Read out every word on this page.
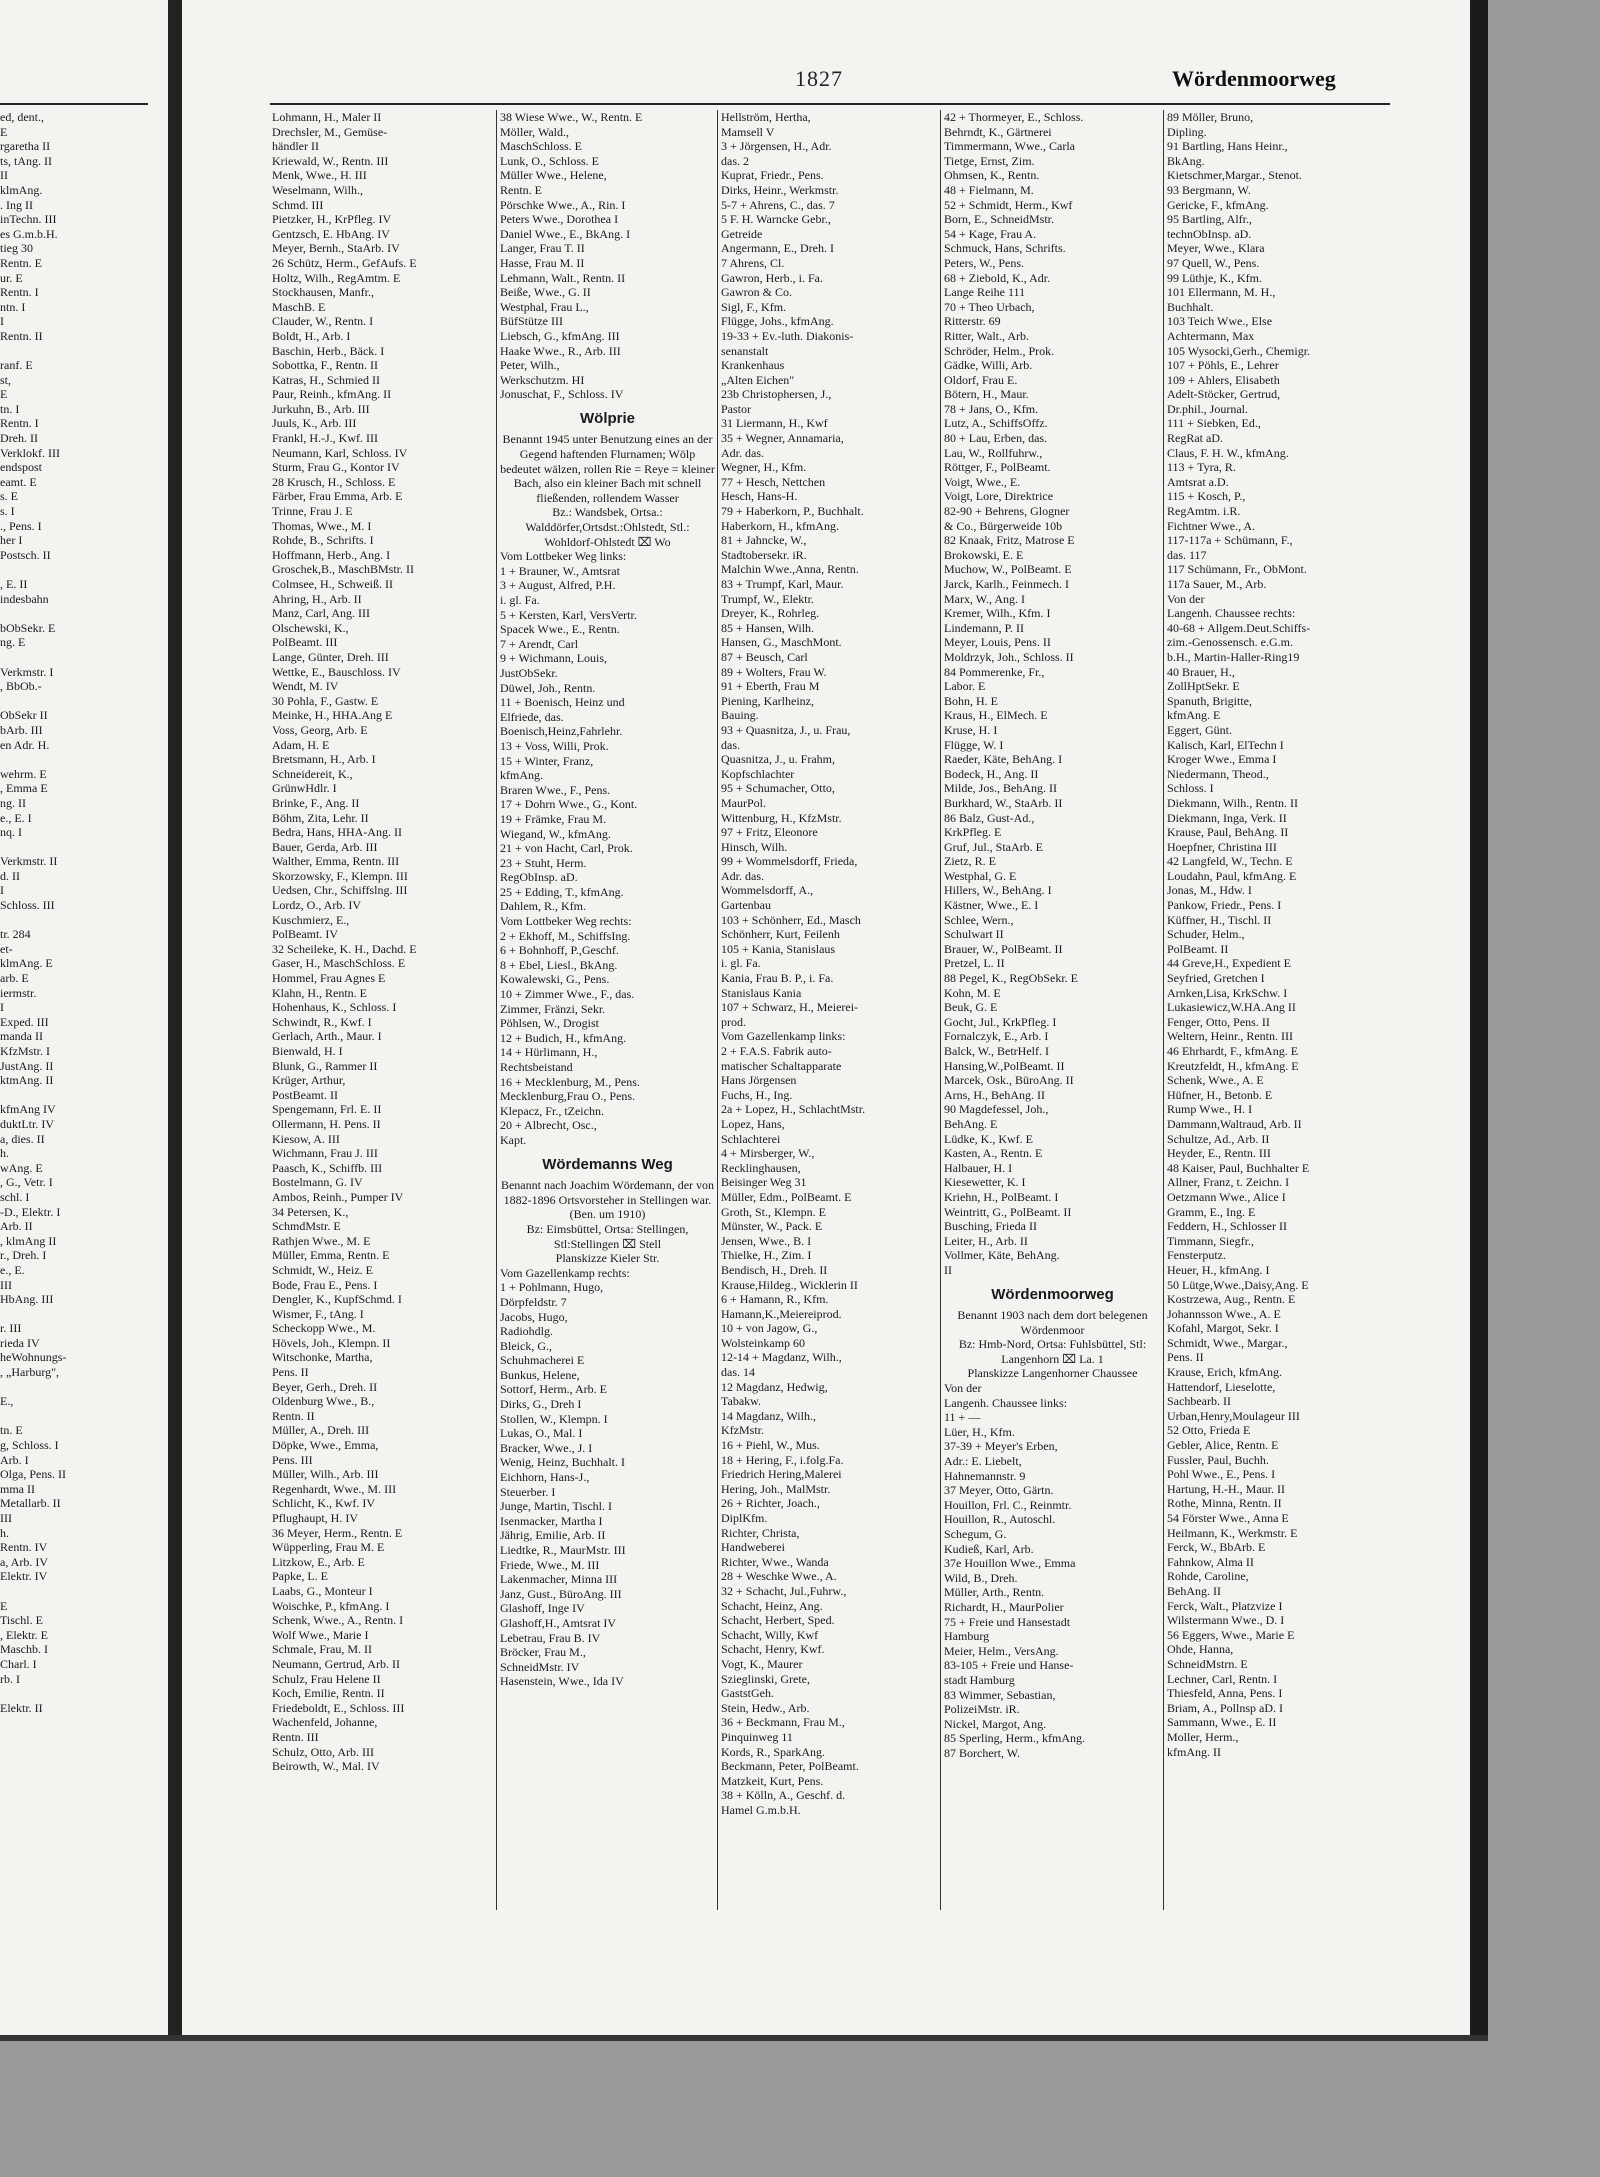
1827	Wördenmoorweg
ed, dent.,
E
rgaretha II
ts, tAng. II
II
klmAng.
. Ing II
inTechn. III
es G.m.b.H.
tieg 30
Rentn. E
ur. E
Rentn. I
ntn. I
I
Rentn. II

ranf. E
st,
E
tn. I
Rentn. I
Dreh. II
Verklokf. III
endspost
eamt. E
s. E
s. I
., Pens. I
her I
Postsch. II

, E. II
indesbahn

bObSekr. E
ng. E

Verkmstr. I
, BbOb.-

ObSekr II
bArb. III
en Adr. H.

wehrm. E
, Emma E
ng. II
e., E. I
nq. I

Verkmstr. II
d. II
I
Schloss. III

tr. 284
et-
klmAng. E
arb. E
iermstr.
I
Exped. III
manda II
KfzMstr. I
JustAng. II
ktmAng. II

kfmAng IV
duktLtr. IV
a, dies. II
h.
wAng. E
, G., Vetr. I
schl. I
-D., Elektr. I
Arb. II
, klmAng II
r., Dreh. I
e., E.
III
HbAng. III

r. III
rieda IV
heWohnungs-
, „Harburg",

E.,

tn. E
g, Schloss. I
Arb. I
Olga, Pens. II
mma II
Metallarb. II
III
h.
Rentn. IV
a, Arb. IV
Elektr. IV

E
Tischl. E
, Elektr. E
Maschb. I
Charl. I
rb. I

Elektr. II
Lohmann, H., Maler II
Drechsler, M., Gemüse-
händler II
Kriewald, W., Rentn. III
Menk, Wwe., H. III
Weselmann, Wilh.,
Schmd. III
Pietzker, H., KrPfleg. IV
Gentzsch, E. HbAng. IV
Meyer, Bernh., StaArb. IV
26 Schütz, Herm., GefAufs. E
Holtz, Wilh., RegAmtm. E
Stockhausen, Manfr.,
MaschB. E
Clauder, W., Rentn. I
Boldt, H., Arb. I
Baschin, Herb., Bäck. I
Sobottka, F., Rentn. II
Katras, H., Schmied II
Paur, Reinh., kfmAng. II
Jurkuhn, B., Arb. III
Juuls, K., Arb. III
Frankl, H.-J., Kwf. III
Neumann, Karl, Schloss. IV
Sturm, Frau G., Kontor IV
28 Krusch, H., Schloss. E
Färber, Frau Emma, Arb. E
Trinne, Frau J. E
Thomas, Wwe., M. I
Rohde, B., Schrifts. I
Hoffmann, Herb., Ang. I
Groschek,B., MaschBMstr. II
Colmsee, H., Schweiß. II
Ahring, H., Arb. II
Manz, Carl, Ang. III
Olschewski, K.,
PolBeamt. III
Lange, Günter, Dreh. III
Wettke, E., Bauschloss. IV
Wendt, M. IV
30 Pohla, F., Gastw. E
Meinke, H., HHA.Ang E
Voss, Georg, Arb. E
Adam, H. E
Bretsmann, H., Arb. I
Schneidereit, K.,
GrünwHdlr. I
Brinke, F., Ang. II
Böhm, Zita, Lehr. II
Bedra, Hans, HHA-Ang. II
Bauer, Gerda, Arb. III
Walther, Emma, Rentn. III
Skorzowsky, F., Klempn. III
Uedsen, Chr., Schiffslng. III
Lordz, O., Arb. IV
Kuschmierz, E.,
PolBeamt. IV
32 Scheileke, K. H., Dachd. E
Gaser, H., MaschSchloss. E
Hommel, Frau Agnes E
Klahn, H., Rentn. E
Hohenhaus, K., Schloss. I
Schwindt, R., Kwf. I
Gerlach, Arth., Maur. I
Bienwald, H. I
Blunk, G., Rammer II
Krüger, Arthur,
PostBeamt. II
Spengemann, Frl. E. II
Ollermann, H. Pens. II
Kiesow, A. III
Wichmann, Frau J. III
Paasch, K., Schiffb. III
Bostelmann, G. IV
Ambos, Reinh., Pumper IV
34 Petersen, K.,
SchmdMstr. E
Rathjen Wwe., M. E
Müller, Emma, Rentn. E
Schmidt, W., Heiz. E
Bode, Frau E., Pens. I
Dengler, K., KupfSchmd. I
Wismer, F., tAng. I
Scheckopp Wwe., M.
Hövels, Joh., Klempn. II
Witschonke, Martha,
Pens. II
Beyer, Gerh., Dreh. II
Oldenburg Wwe., B.,
Rentn. II
Müller, A., Dreh. III
Döpke, Wwe., Emma,
Pens. III
Müller, Wilh., Arb. III
Regenhardt, Wwe., M. III
Schlicht, K., Kwf. IV
Pflughaupt, H. IV
36 Meyer, Herm., Rentn. E
Wüpperling, Frau M. E
Litzkow, E., Arb. E
Papke, L. E
Laabs, G., Monteur I
Woischke, P., kfmAng. I
Schenk, Wwe., A., Rentn. I
Wolf Wwe., Marie I
Schmale, Frau, M. II
Neumann, Gertrud, Arb. II
Schulz, Frau Helene II
Koch, Emilie, Rentn. II
Friedeboldt, E., Schloss. III
Wachenfeld, Johanne,
Rentn. III
Schulz, Otto, Arb. III
Beirowth, W., Mal. IV
38 Wiese Wwe., W., Rentn. E
Möller, Wald.,
MaschSchloss. E
Lunk, O., Schloss. E
Müller Wwe., Helene,
Rentn. E
Pörschke Wwe., A., Rin. I
Peters Wwe., Dorothea I
Daniel Wwe., E., BkAng. I
Langer, Frau T. II
Hasse, Frau M. II
Lehmann, Walt., Rentn. II
Beiße, Wwe., G. II
Westphal, Frau L.,
BüfStütze III
Liebsch, G., kfmAng. III
Haake Wwe., R., Arb. III
Peter, Wilh.,
Werkschutzm. HI
Jonuschat, F., Schloss. IV
Wölprie
Benannt 1945 unter Benutzung eines an der Gegend haftenden Flurnamen; Wölp bedeutet wälzen, rollen Rie = Reye = kleiner Bach, also ein kleiner Bach mit schnell fließenden, rollendem Wasser
Bz.: Wandsbek, Ortsa.: Walddörfer,Ortsdst.:Ohlstedt, Stl.: Wohldorf-Ohlstedt ⌧ Wo
Vom Lottbeker Weg links:
1 + Brauner, W., Amtsrat
3 + August, Alfred, P.H.
i. gl. Fa.
5 + Kersten, Karl, VersVertr.
Spacek Wwe., E., Rentn.
7 + Arendt, Carl
9 + Wichmann, Louis,
JustObSekr.
Düwel, Joh., Rentn.
11 + Boenisch, Heinz und
Elfriede, das.
Boenisch,Heinz,Fahrlehr.
13 + Voss, Willi, Prok.
15 + Winter, Franz,
kfmAng.
Braren Wwe., F., Pens.
17 + Dohrn Wwe., G., Kont.
19 + Främke, Frau M.
Wiegand, W., kfmAng.
21 + von Hacht, Carl, Prok.
23 + Stuht, Herm.
RegObInsp. aD.
25 + Edding, T., kfmAng.
Dahlem, R., Kfm.
Vom Lottbeker Weg rechts:
2 + Ekhoff, M., SchiffsIng.
6 + Bohnhoff, P.,Geschf.
8 + Ebel, Liesl., BkAng.
Kowalewski, G., Pens.
10 + Zimmer Wwe., F., das.
Zimmer, Fränzi, Sekr.
Pöhlsen, W., Drogist
12 + Budich, H., kfmAng.
14 + Hürlimann, H.,
Rechtsbeistand
16 + Mecklenburg, M., Pens.
Mecklenburg,Frau O., Pens.
Klepacz, Fr., tZeichn.
20 + Albrecht, Osc.,
Kapt.
Wördemanns Weg
Benannt nach Joachim Wördemann, der von 1882-1896 Ortsvorsteher in Stellingen war. (Ben. um 1910)
Bz: Eimsbüttel, Ortsa: Stellingen, Stl:Stellingen ⌧ Stell
Planskizze Kieler Str.
Vom Gazellenkamp rechts:
1 + Pohlmann, Hugo,
Dörpfeldstr. 7
Jacobs, Hugo,
Radiohdlg.
Bleick, G.,
Schuhmacherei E
Bunkus, Helene,
Sottorf, Herm., Arb. E
Dirks, G., Dreh I
Stollen, W., Klempn. I
Lukas, O., Mal. I
Bracker, Wwe., J. I
Wenig, Heinz, Buchhalt. I
Eichhorn, Hans-J.,
Steuerber. I
Junge, Martin, Tischl. I
Isenmacker, Martha I
Jährig, Emilie, Arb. II
Liedtke, R., MaurMstr. III
Friede, Wwe., M. III
Lakenmacher, Minna III
Janz, Gust., BüroAng. III
Glashoff, Inge IV
Glashoff,H., Amtsrat IV
Lebetrau, Frau B. IV
Bröcker, Frau M.,
SchneidMstr. IV
Hasenstein, Wwe., Ida IV
Hellström, Hertha,
Mamsell V
3 + Jörgensen, H., Adr.
das. 2
Kuprat, Friedr., Pens.
Dirks, Heinr., Werkmstr.
5-7 + Ahrens, C., das. 7
5 F. H. Warncke Gebr.,
Getreide
Angermann, E., Dreh. I
7 Ahrens, Cl.
Gawron, Herb., i. Fa.
Gawron & Co.
Sigl, F., Kfm.
Flügge, Johs., kfmAng.
19-33 + Ev.-luth. Diakonis-
senanstalt
Krankenhaus
„Alten Eichen"
23b Christophersen, J.,
Pastor
31 Liermann, H., Kwf
35 + Wegner, Annamaria,
Adr. das.
Wegner, H., Kfm.
77 + Hesch, Nettchen
Hesch, Hans-H.
79 + Haberkorn, P., Buchhalt.
Haberkorn, H., kfmAng.
81 + Jahncke, W.,
Stadtobersekr. iR.
Malchin Wwe.,Anna, Rentn.
83 + Trumpf, Karl, Maur.
Trumpf, W., Elektr.
Dreyer, K., Rohrleg.
85 + Hansen, Wilh.
Hansen, G., MaschMont.
87 + Beusch, Carl
89 + Wolters, Frau W.
91 + Eberth, Frau M
Piening, Karlheinz,
Bauing.
93 + Quasnitza, J., u. Frau,
das.
Quasnitza, J., u. Frahm,
Kopfschlachter
95 + Schumacher, Otto,
MaurPol.
Wittenburg, H., KfzMstr.
97 + Fritz, Eleonore
Hinsch, Wilh.
99 + Wommelsdorff, Frieda,
Adr. das.
Wommelsdorff, A.,
Gartenbau
103 + Schönherr, Ed., Masch
Schönherr, Kurt, Feilenh
105 + Kania, Stanislaus
i. gl. Fa.
Kania, Frau B. P., i. Fa.
Stanislaus Kania
107 + Schwarz, H., Meierei-
prod.
Vom Gazellenkamp links:
2 + F.A.S. Fabrik auto-
matischer Schaltapparate
Hans Jörgensen
Fuchs, H., Ing.
2a + Lopez, H., SchlachtMstr.
Lopez, Hans,
Schlachterei
4 + Mirsberger, W.,
Recklinghausen,
Beisinger Weg 31
Müller, Edm., PolBeamt. E
Groth, St., Klempn. E
Münster, W., Pack. E
Jensen, Wwe., B. I
Thielke, H., Zim. I
Bendisch, H., Dreh. II
Krause,Hildeg., Wicklerin II
6 + Hamann, R., Kfm.
Hamann,K.,Meiereiprod.
10 + von Jagow, G.,
Wolsteinkamp 60
12-14 + Magdanz, Wilh.,
das. 14
12 Magdanz, Hedwig,
Tabakw.
14 Magdanz, Wilh.,
KfzMstr.
16 + Piehl, W., Mus.
18 + Hering, F., i.folg.Fa.
Friedrich Hering,Malerei
Hering, Joh., MalMstr.
26 + Richter, Joach.,
DiplKfm.
Richter, Christa,
Handweberei
Richter, Wwe., Wanda
28 + Weschke Wwe., A.
32 + Schacht, Jul.,Fuhrw.,
Schacht, Heinz, Ang.
Schacht, Herbert, Sped.
Schacht, Willy, Kwf
Schacht, Henry, Kwf.
Vogt, K., Maurer
Szieglinski, Grete,
GaststGeh.
Stein, Hedw., Arb.
36 + Beckmann, Frau M.,
Pinquinweg 11
Kords, R., SparkAng.
Beckmann, Peter, PolBeamt.
Matzkeit, Kurt, Pens.
38 + Kölln, A., Geschf. d.
Hamel G.m.b.H.
42 + Thormeyer, E., Schloss.
Behrndt, K., Gärtnerei
Timmermann, Wwe., Carla
Tietge, Ernst, Zim.
Ohmsen, K., Rentn.
48 + Fielmann, M.
52 + Schmidt, Herm., Kwf
Born, E., SchneidMstr.
54 + Kage, Frau A.
Schmuck, Hans, Schrifts.
Peters, W., Pens.
68 + Ziebold, K., Adr.
Lange Reihe 111
70 + Theo Urbach,
Ritterstr. 69
Ritter, Walt., Arb.
Schröder, Helm., Prok.
Gädke, Willi, Arb.
Oldorf, Frau E.
Bötern, H., Maur.
78 + Jans, O., Kfm.
Lutz, A., SchiffsOffz.
80 + Lau, Erben, das.
Lau, W., Rollfuhrw.,
Röttger, F., PolBeamt.
Voigt, Wwe., E.
Voigt, Lore, Direktrice
82-90 + Behrens, Glogner
& Co., Bürgerweide 10b
82 Knaak, Fritz, Matrose E
Brokowski, E. E
Muchow, W., PolBeamt. E
Jarck, Karlh., Feinmech. I
Marx, W., Ang. I
Kremer, Wilh., Kfm. I
Lindemann, P. II
Meyer, Louis, Pens. II
Moldrzyk, Joh., Schloss. II
84 Pommerenke, Fr.,
Labor. E
Bohn, H. E
Kraus, H., ElMech. E
Kruse, H. I
Flügge, W. I
Raeder, Käte, BehAng. I
Bodeck, H., Ang. II
Milde, Jos., BehAng. II
Burkhard, W., StaArb. II
86 Balz, Gust-Ad.,
KrkPfleg. E
Gruf, Jul., StaArb. E
Zietz, R. E
Westphal, G. E
Hillers, W., BehAng. I
Kästner, Wwe., E. I
Schlee, Wern.,
Schulwart II
Brauer, W., PolBeamt. II
Pretzel, L. II
88 Pegel, K., RegObSekr. E
Kohn, M. E
Beuk, G. E
Gocht, Jul., KrkPfleg. I
Fornalczyk, E., Arb. I
Balck, W., BetrHelf. I
Hansing,W.,PolBeamt. II
Marcek, Osk., BüroAng. II
Arns, H., BehAng. II
90 Magdefessel, Joh.,
BehAng. E
Lüdke, K., Kwf. E
Kasten, A., Rentn. E
Halbauer, H. I
Kiesewetter, K. I
Kriehn, H., PolBeamt. I
Weintritt, G., PolBeamt. II
Busching, Frieda II
Leiter, H., Arb. II
Vollmer, Käte, BehAng.
II
Wördenmoorweg
Benannt 1903 nach dem dort belegenen Wördenmoor
Bz: Hmb-Nord, Ortsa: Fuhlsbüttel, Stl: Langenhorn ⌧ La. 1
Planskizze Langenhorner Chaussee
Von der
Langenh. Chaussee links:
11 + —
Lüer, H., Kfm.
37-39 + Meyer's Erben,
Adr.: E. Liebelt,
Hahnemannstr. 9
37 Meyer, Otto, Gärtn.
Houillon, Frl. C., Reinmtr.
Houillon, R., Autoschl.
Schegum, G.
Kudieß, Karl, Arb.
37e Houillon Wwe., Emma
Wild, B., Dreh.
Müller, Arth., Rentn.
Richardt, H., MaurPolier
75 + Freie und Hansestadt
Hamburg
Meier, Helm., VersAng.
83-105 + Freie und Hanse-
stadt Hamburg
83 Wimmer, Sebastian,
PolizeiMstr. iR.
Nickel, Margot, Ang.
85 Sperling, Herm., kfmAng.
87 Borchert, W.
89 Möller, Bruno,
Dipling.
91 Bartling, Hans Heinr.,
BkAng.
Kietschmer,Margar., Stenot.
93 Bergmann, W.
Gericke, F., kfmAng.
95 Bartling, Alfr.,
technObInsp. aD.
Meyer, Wwe., Klara
97 Quell, W., Pens.
99 Lüthje, K., Kfm.
101 Ellermann, M. H.,
Buchhalt.
103 Teich Wwe., Else
Achtermann, Max
105 Wysocki,Gerh., Chemigr.
107 + Pöhls, E., Lehrer
109 + Ahlers, Elisabeth
Adelt-Stöcker, Gertrud,
Dr.phil., Journal.
111 + Siebken, Ed.,
RegRat aD.
Claus, F. H. W., kfmAng.
113 + Tyra, R.
Amtsrat a.D.
115 + Kosch, P.,
RegAmtm. i.R.
Fichtner Wwe., A.
117-117a + Schümann, F.,
das. 117
117 Schümann, Fr., ObMont.
117a Sauer, M., Arb.
Von der
Langenh. Chaussee rechts:
40-68 + Allgem.Deut.Schiffs-
zim.-Genossensch. e.G.m.
b.H., Martin-Haller-Ring19
40 Brauer, H.,
ZollHptSekr. E
Spanuth, Brigitte,
kfmAng. E
Eggert, Günt.
Kalisch, Karl, ElTechn I
Kroger Wwe., Emma I
Niedermann, Theod.,
Schloss. I
Diekmann, Wilh., Rentn. II
Diekmann, Inga, Verk. II
Krause, Paul, BehAng. II
Hoepfner, Christina III
42 Langfeld, W., Techn. E
Loudahn, Paul, kfmAng. E
Jonas, M., Hdw. I
Pankow, Friedr., Pens. I
Küffner, H., Tischl. II
Schuder, Helm.,
PolBeamt. II
44 Greve,H., Expedient E
Seyfried, Gretchen I
Arnken,Lisa, KrkSchw. I
Lukasiewicz,W.HA.Ang II
Fenger, Otto, Pens. II
Weltern, Heinr., Rentn. III
46 Ehrhardt, F., kfmAng. E
Kreutzfeldt, H., kfmAng. E
Schenk, Wwe., A. E
Hüfner, H., Betonb. E
Rump Wwe., H. I
Dammann,Waltraud, Arb. II
Schultze, Ad., Arb. II
Heyder, E., Rentn. III
48 Kaiser, Paul, Buchhalter E
Allner, Franz, t. Zeichn. I
Oetzmann Wwe., Alice I
Gramm, E., Ing. E
Feddern, H., Schlosser II
Timmann, Siegfr.,
Fensterputz.
Heuer, H., kfmAng. I
50 Lütge,Wwe.,Daisy,Ang. E
Kostrzewa, Aug., Rentn. E
Johannsson Wwe., A. E
Kofahl, Margot, Sekr. I
Schmidt, Wwe., Margar.,
Pens. II
Krause, Erich, kfmAng.
Hattendorf, Lieselotte,
Sachbearb. II
Urban,Henry,Moulageur III
52 Otto, Frieda E
Gebler, Alice, Rentn. E
Fussler, Paul, Buchh.
Pohl Wwe., E., Pens. I
Hartung, H.-H., Maur. II
Rothe, Minna, Rentn. II
54 Förster Wwe., Anna E
Heilmann, K., Werkmstr. E
Ferck, W., BbArb. E
Fahnkow, Alma II
Rohde, Caroline,
BehAng. II
Ferck, Walt., Platzvize I
Wilstermann Wwe., D. I
56 Eggers, Wwe., Marie E
Ohde, Hanna,
SchneidMstrn. E
Lechner, Carl, Rentn. I
Thiesfeld, Anna, Pens. I
Briam, A., Pollnsp aD. I
Sammann, Wwe., E. II
Moller, Herm.,
kfmAng. II
